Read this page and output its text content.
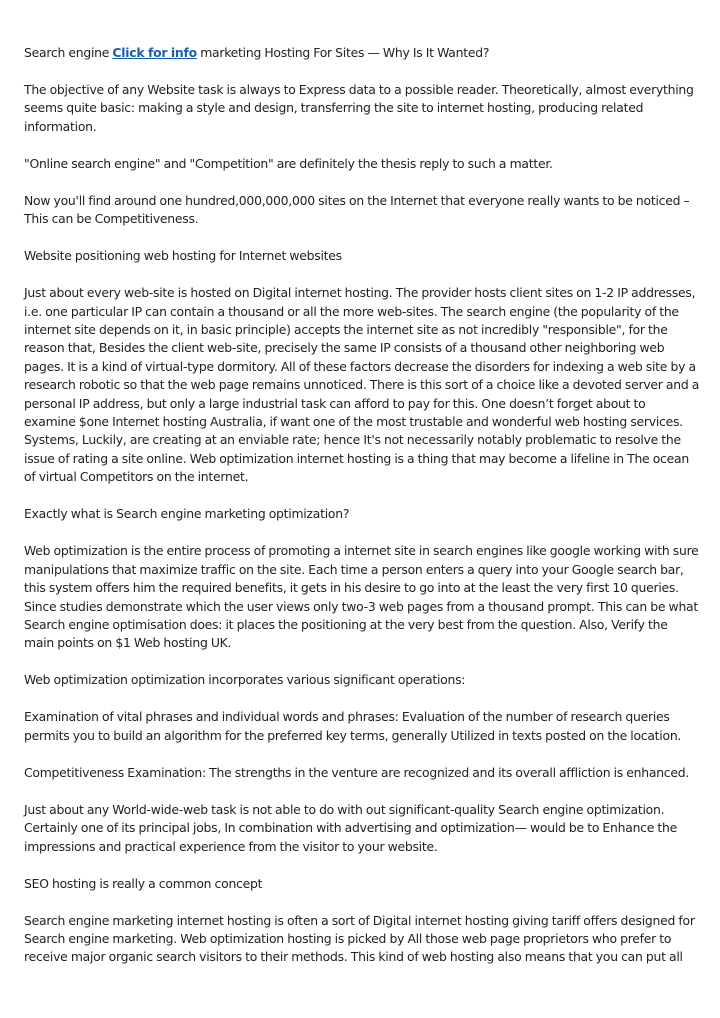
Search engine Click for info marketing Hosting For Sites — Why Is It Wanted?

The objective of any Website task is always to Express data to a possible reader. Theoretically, almost everything seems quite basic: making a style and design, transferring the site to internet hosting, producing related information.

"Online search engine" and "Competition" are definitely the thesis reply to such a matter.

Now you'll find around one hundred,000,000,000 sites on the Internet that everyone really wants to be noticed – This can be Competitiveness.

Website positioning web hosting for Internet websites

Just about every web-site is hosted on Digital internet hosting. The provider hosts client sites on 1-2 IP addresses, i.e. one particular IP can contain a thousand or all the more web-sites. The search engine (the popularity of the internet site depends on it, in basic principle) accepts the internet site as not incredibly "responsible", for the reason that, Besides the client web-site, precisely the same IP consists of a thousand other neighboring web pages. It is a kind of virtual-type dormitory. All of these factors decrease the disorders for indexing a web site by a research robotic so that the web page remains unnoticed. There is this sort of a choice like a devoted server and a personal IP address, but only a large industrial task can afford to pay for this. One doesn’t forget about to examine $one Internet hosting Australia, if want one of the most trustable and wonderful web hosting services. Systems, Luckily, are creating at an enviable rate; hence It's not necessarily notably problematic to resolve the issue of rating a site online. Web optimization internet hosting is a thing that may become a lifeline in The ocean of virtual Competitors on the internet.

Exactly what is Search engine marketing optimization?

Web optimization is the entire process of promoting a internet site in search engines like google working with sure manipulations that maximize traffic on the site. Each time a person enters a query into your Google search bar, this system offers him the required benefits, it gets in his desire to go into at the least the very first 10 queries. Since studies demonstrate which the user views only two-3 web pages from a thousand prompt. This can be what Search engine optimisation does: it places the positioning at the very best from the question. Also, Verify the main points on $1 Web hosting UK.

Web optimization optimization incorporates various significant operations:

Examination of vital phrases and individual words and phrases: Evaluation of the number of research queries permits you to build an algorithm for the preferred key terms, generally Utilized in texts posted on the location.

Competitiveness Examination: The strengths in the venture are recognized and its overall affliction is enhanced.

Just about any World-wide-web task is not able to do with out significant-quality Search engine optimization. Certainly one of its principal jobs, In combination with advertising and optimization— would be to Enhance the impressions and practical experience from the visitor to your website.

SEO hosting is really a common concept

Search engine marketing internet hosting is often a sort of Digital internet hosting giving tariff offers designed for Search engine marketing. Web optimization hosting is picked by All those web page proprietors who prefer to receive major organic search visitors to their methods. This kind of web hosting also means that you can put all
